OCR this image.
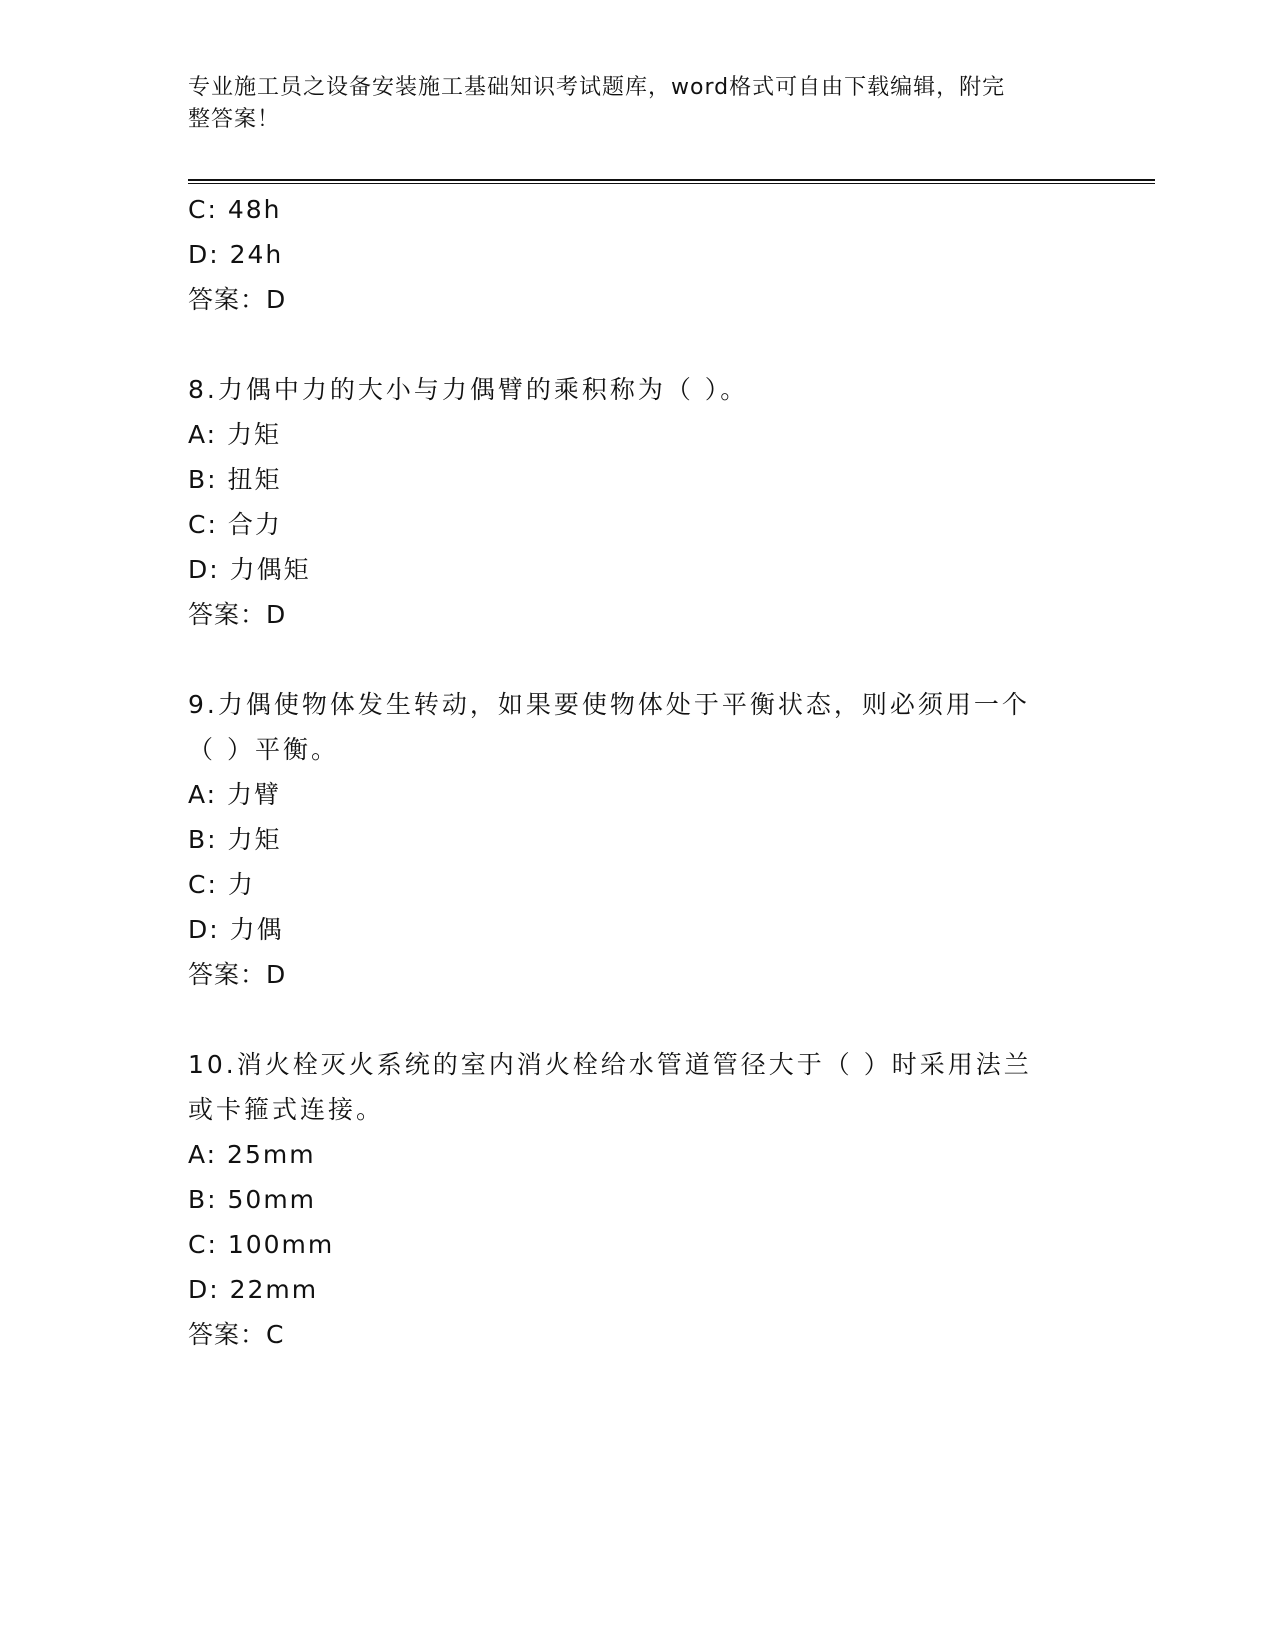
专业施工员之设备安装施工基础知识考试题库，word格式可自由下载编辑，附完
整答案！
C: 48h
D: 24h
答案：D
8.力偶中力的大小与力偶臂的乘积称为（ ）。
A: 力矩
B: 扭矩
C: 合力
D: 力偶矩
答案：D
9.力偶使物体发生转动，如果要使物体处于平衡状态，则必须用一个
（ ）平衡。
A: 力臂
B: 力矩
C: 力
D: 力偶
答案：D
10.消火栓灭火系统的室内消火栓给水管道管径大于（ ）时采用法兰
或卡箍式连接。
A: 25mm
B: 50mm
C: 100mm
D: 22mm
答案：C
